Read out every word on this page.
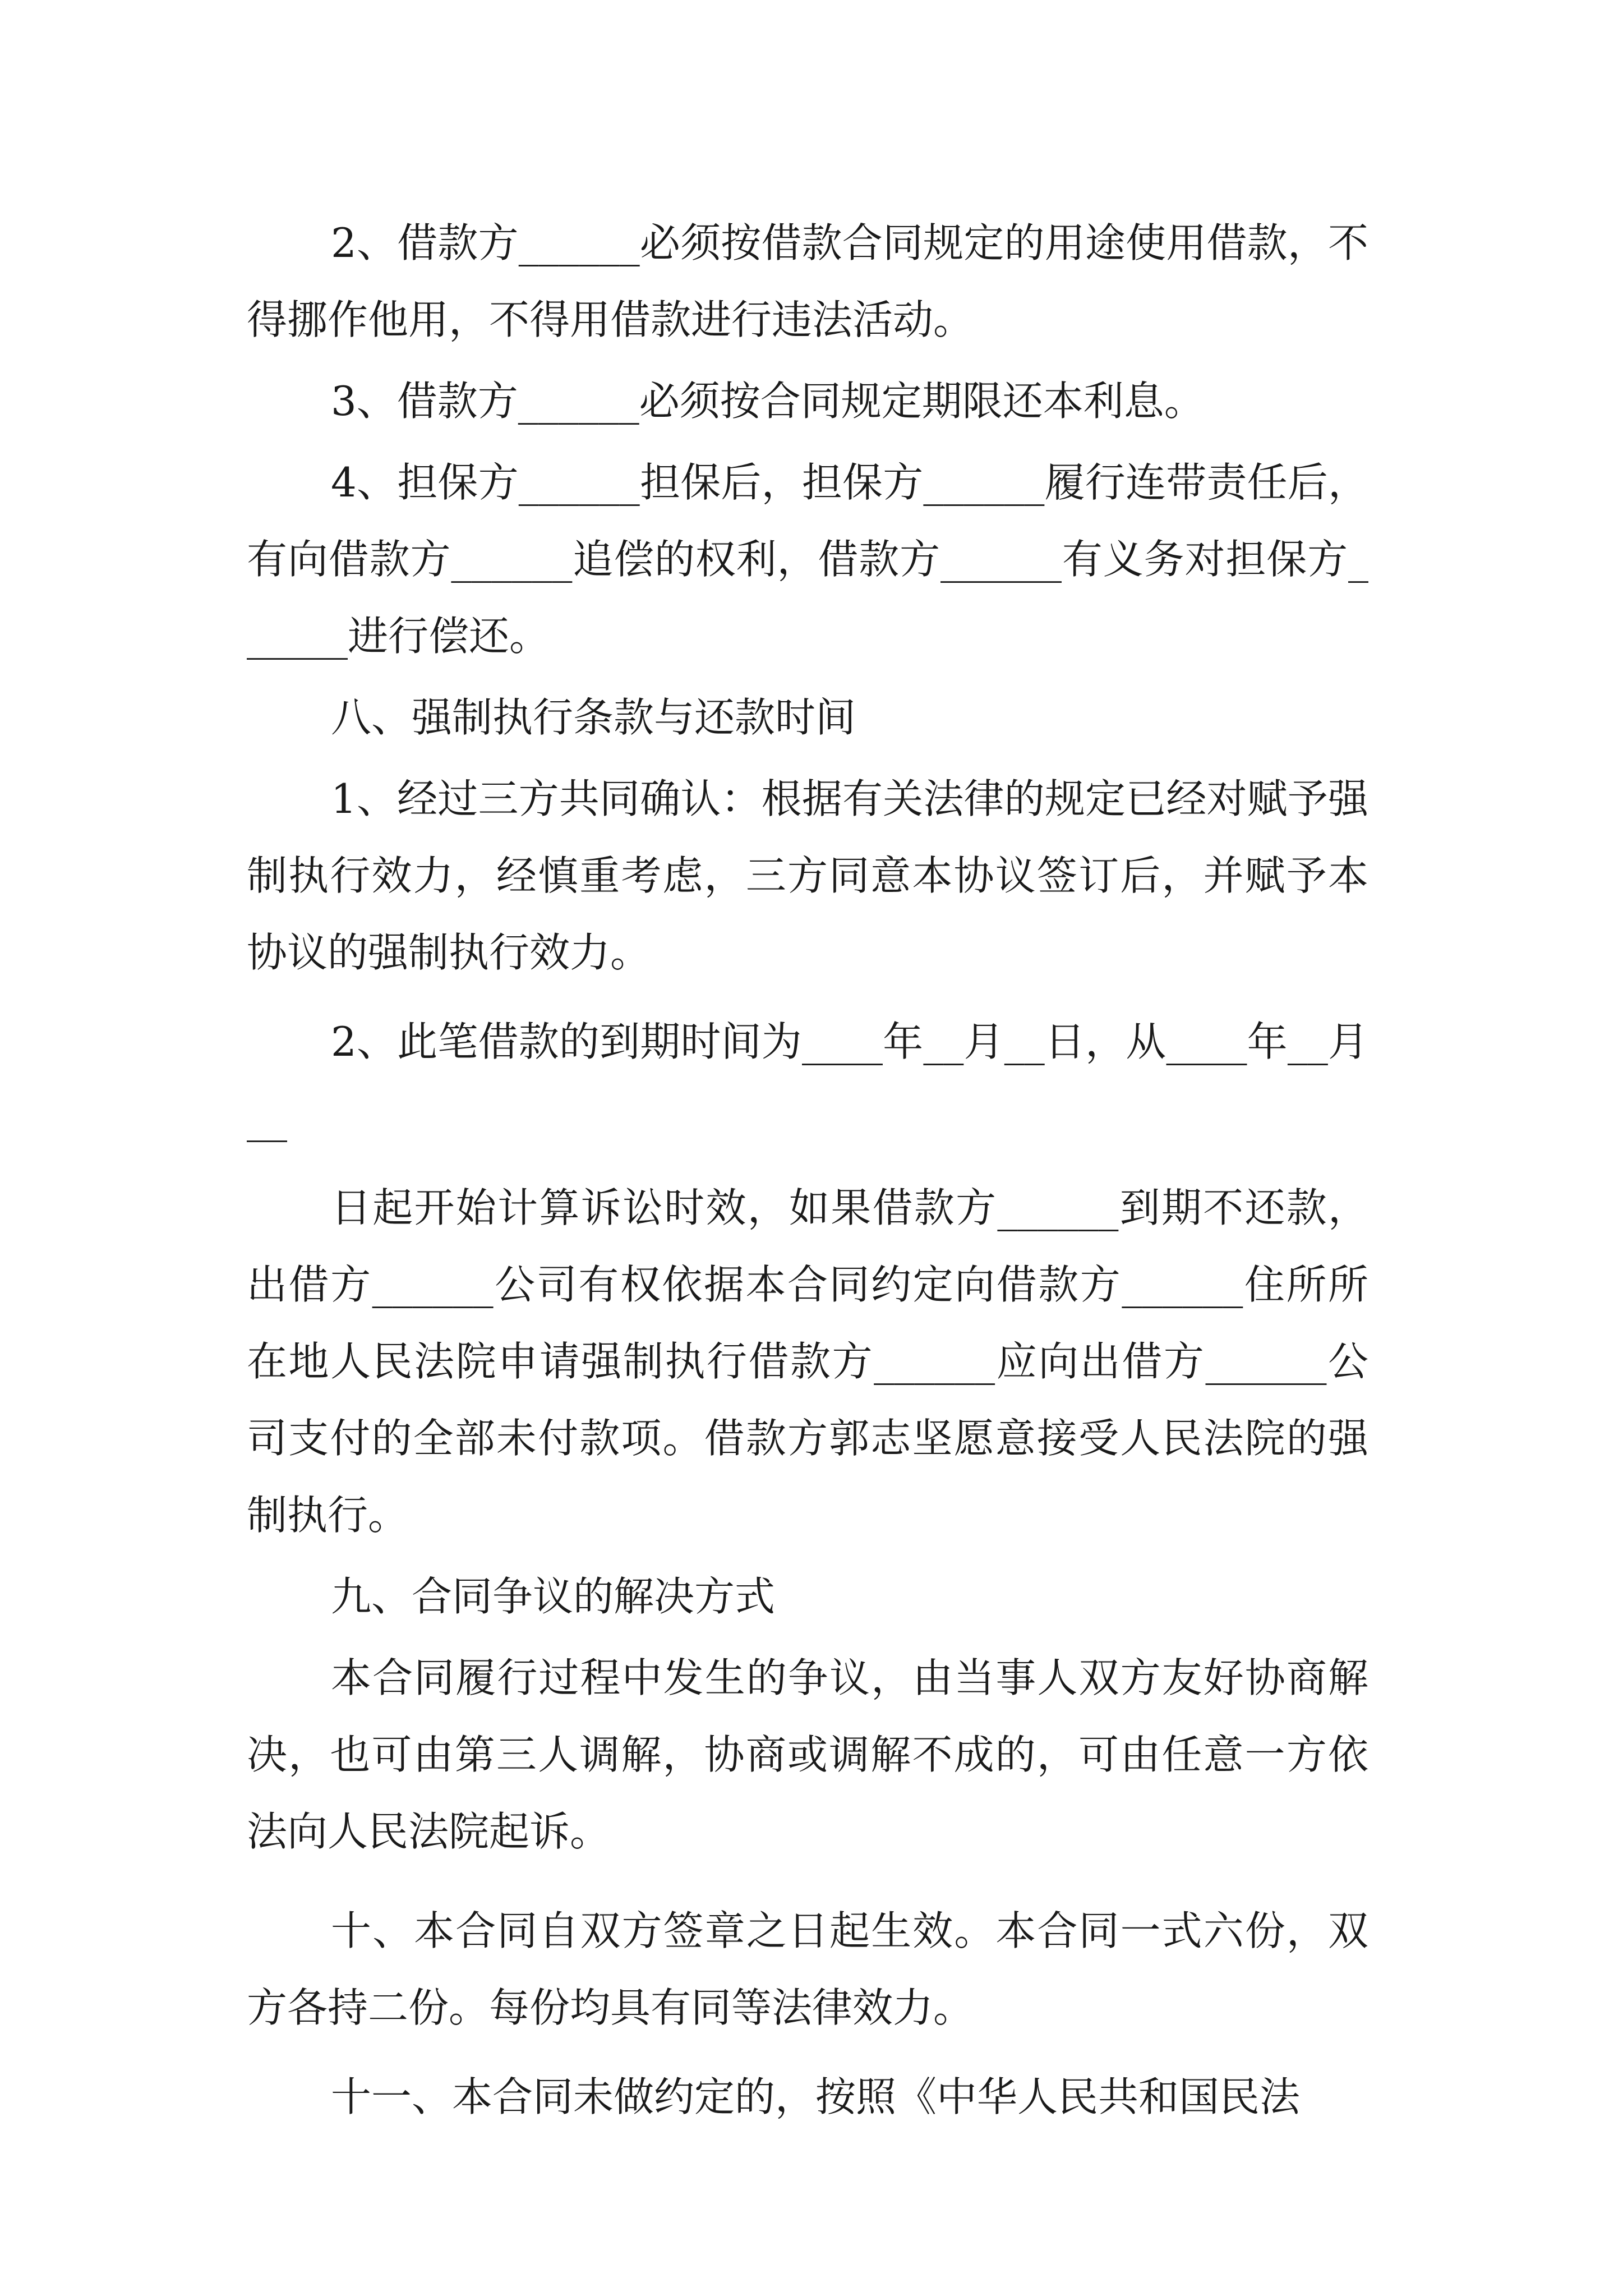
2、借款方______必须按借款合同规定的用途使用借款，不得挪作他用，不得用借款进行违法活动。

3、借款方______必须按合同规定期限还本利息。

4、担保方______担保后，担保方______履行连带责任后，有向借款方______追偿的权利，借款方______有义务对担保方______进行偿还。

八、强制执行条款与还款时间

1、经过三方共同确认：根据有关法律的规定已经对赋予强制执行效力，经慎重考虑，三方同意本协议签订后，并赋予本协议的强制执行效力。

2、此笔借款的到期时间为____年__月__日，从____年__月__

日起开始计算诉讼时效，如果借款方______到期不还款，出借方______公司有权依据本合同约定向借款方______住所所在地人民法院申请强制执行借款方______应向出借方______公司支付的全部未付款项。借款方郭志坚愿意接受人民法院的强制执行。

九、合同争议的解决方式

本合同履行过程中发生的争议，由当事人双方友好协商解决，也可由第三人调解，协商或调解不成的，可由任意一方依法向人民法院起诉。

十、本合同自双方签章之日起生效。本合同一式六份，双方各持二份。每份均具有同等法律效力。

十一、本合同未做约定的，按照《中华人民共和国民法
